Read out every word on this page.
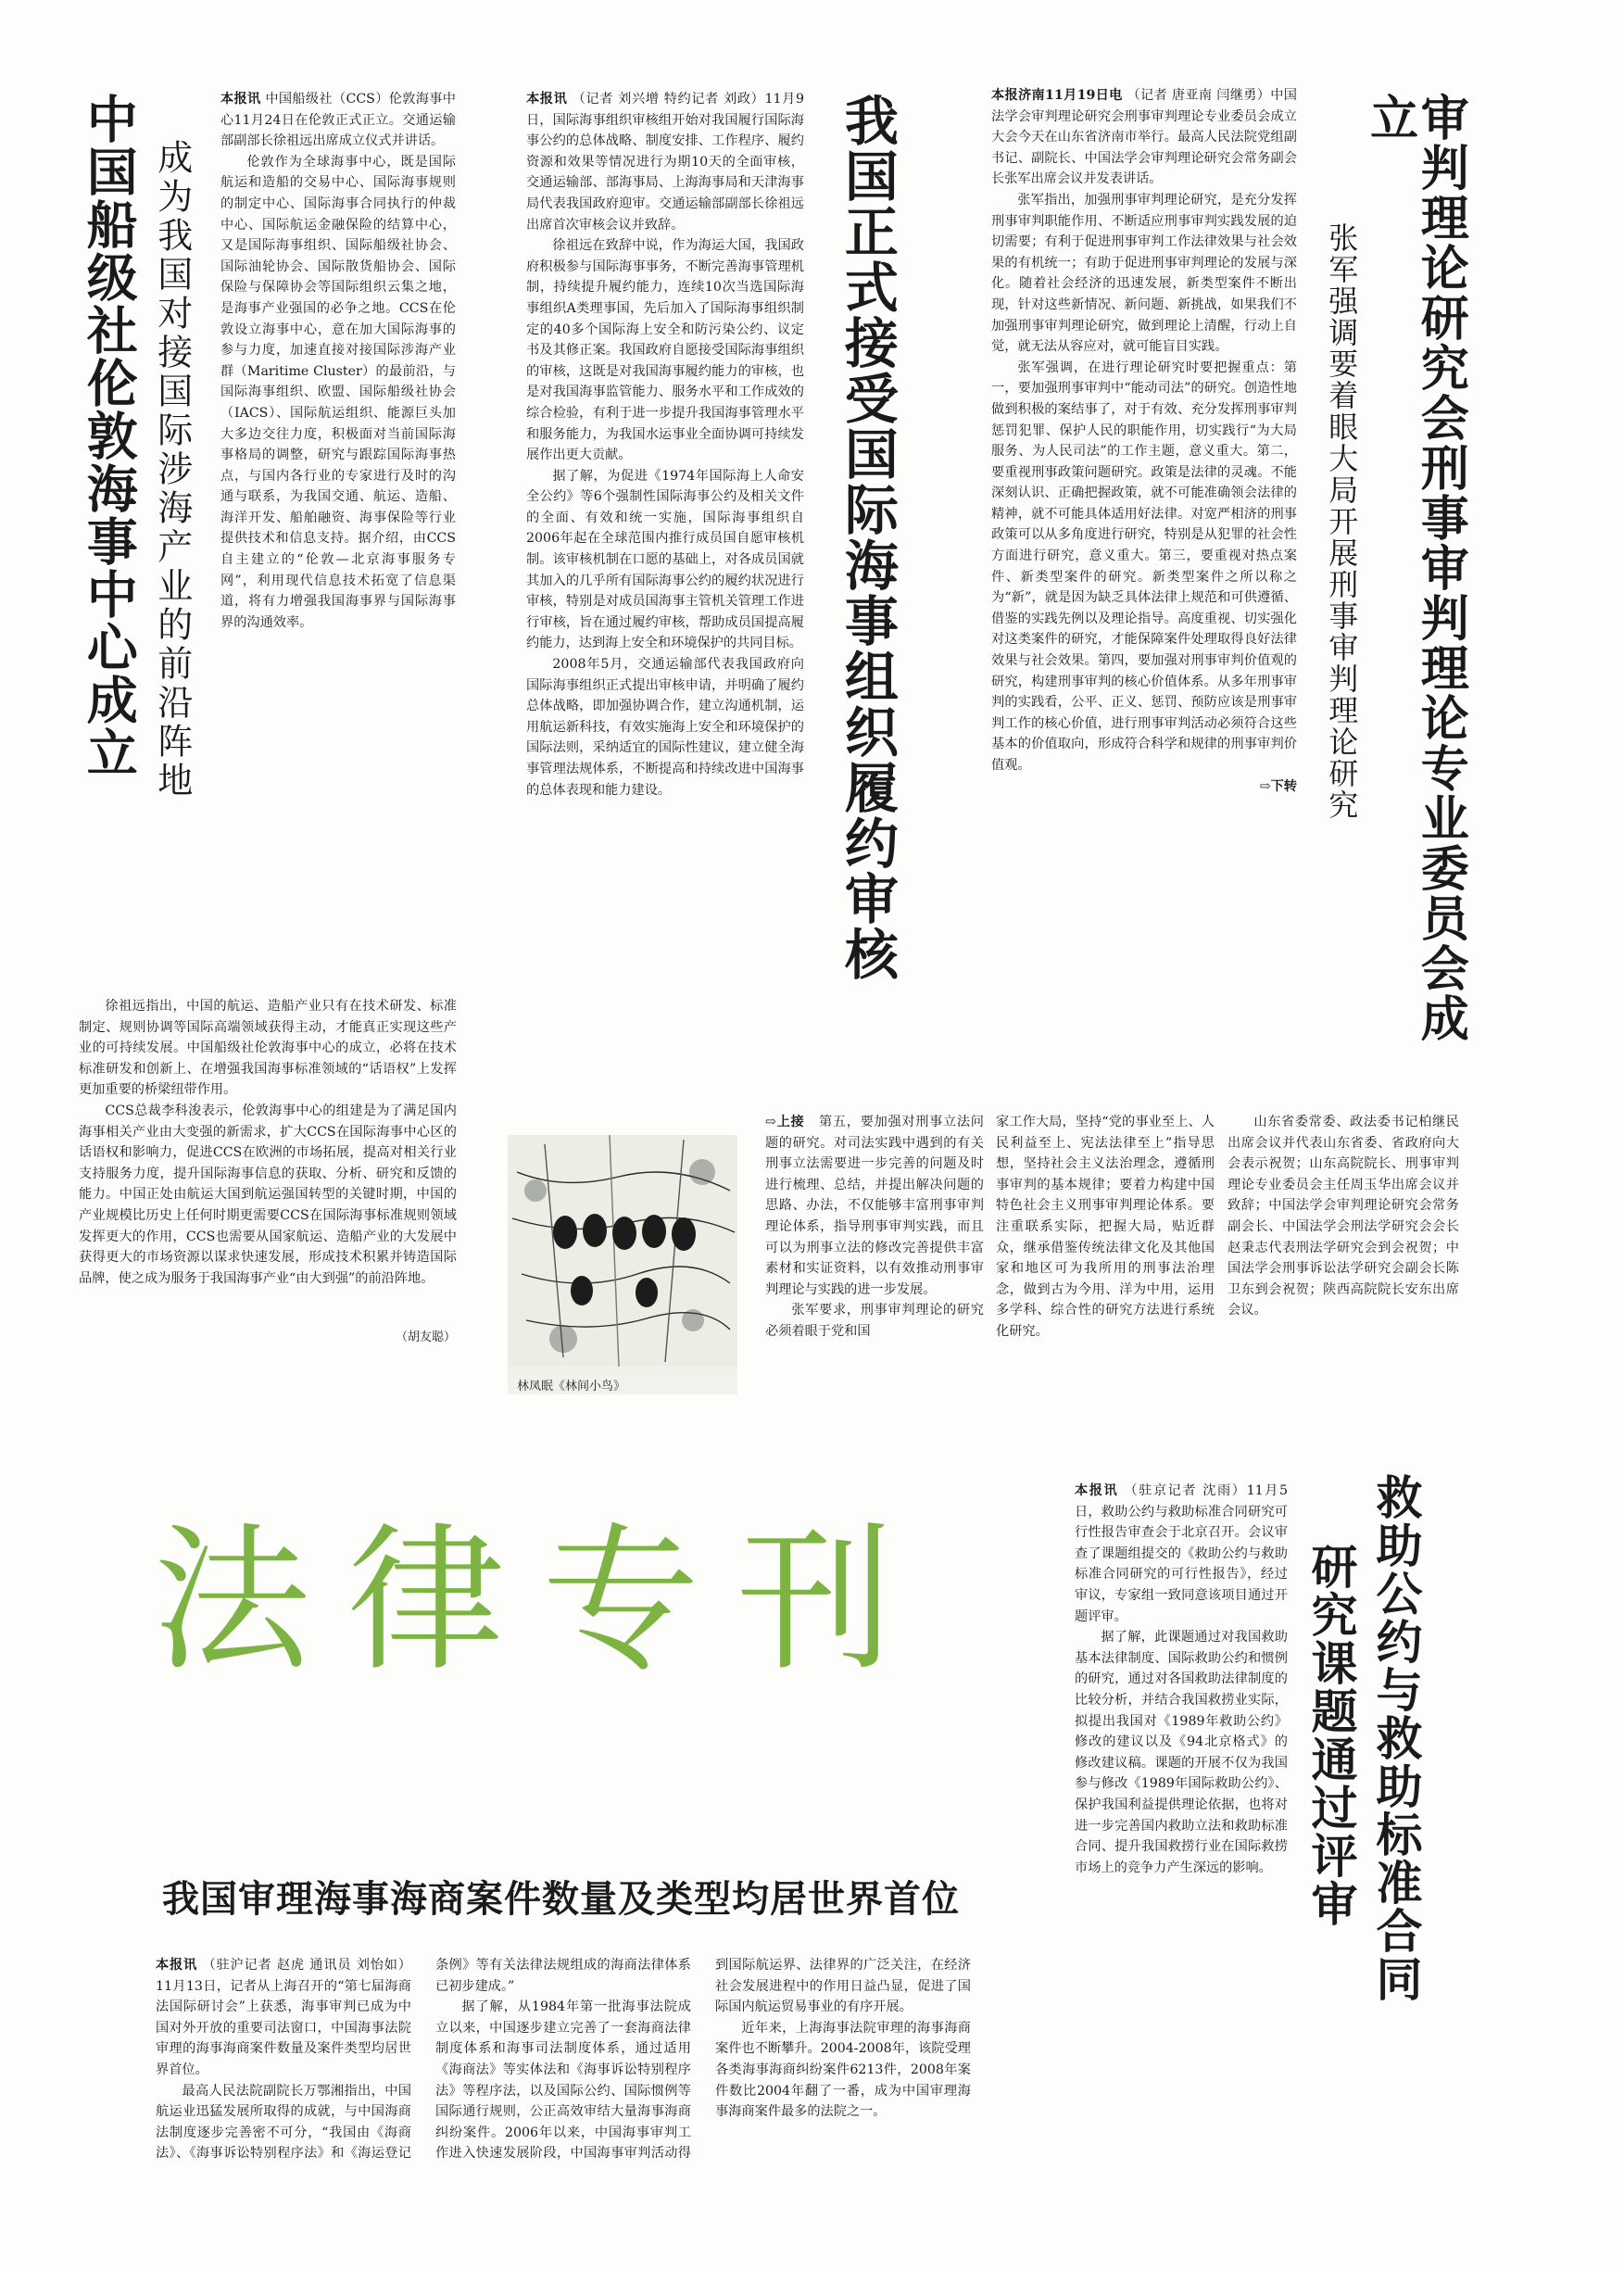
中国船级社伦敦海事中心成立 成为我国对接国际涉海产业的前沿阵地

本报讯 中国船级社（CCS）伦敦海事中心11月24日在伦敦正式正立。交通运输部副部长徐祖远出席成立仪式并讲话。

伦敦作为全球海事中心，既是国际航运和造船的交易中心、国际海事规则的制定中心、国际海事合同执行的仲裁中心、国际航运金融保险的结算中心，又是国际海事组织、国际船级社协会、国际油轮协会、国际散货船协会、国际保险与保障协会等国际组织云集之地，是海事产业强国的必争之地。CCS在伦敦设立海事中心，意在加大国际海事的参与力度，加速直接对接国际涉海产业群（Maritime Cluster）的最前沿，与国际海事组织、欧盟、国际船级社协会（IACS）、国际航运组织、能源巨头加大多边交往力度，积极面对当前国际海事格局的调整，研究与跟踪国际海事热点，与国内各行业的专家进行及时的沟通与联系，为我国交通、航运、造船、海洋开发、船舶融资、海事保险等行业提供技术和信息支持。据介绍，由CCS自主建立的“伦敦—北京海事服务专网”，利用现代信息技术拓宽了信息渠道，将有力增强我国海事界与国际海事界的沟通效率。

徐祖远指出，中国的航运、造船产业只有在技术研发、标准制定、规则协调等国际高端领域获得主动，才能真正实现这些产业的可持续发展。中国船级社伦敦海事中心的成立，必将在技术标准研发和创新上、在增强我国海事标准领域的“话语权”上发挥更加重要的桥梁纽带作用。

CCS总裁李科浚表示，伦敦海事中心的组建是为了满足国内海事相关产业由大变强的新需求，扩大CCS在国际海事中心区的话语权和影响力，促进CCS在欧洲的市场拓展，提高对相关行业支持服务力度，提升国际海事信息的获取、分析、研究和反馈的能力。中国正处由航运大国到航运强国转型的关键时期，中国的产业规模比历史上任何时期更需要CCS在国际海事标准规则领域发挥更大的作用，CCS也需要从国家航运、造船产业的大发展中获得更大的市场资源以谋求快速发展，形成技术积累并铸造国际品牌，使之成为服务于我国海事产业“由大到强”的前沿阵地。

（胡友聪）

本报讯 （记者 刘兴增 特约记者 刘政）11月9日，国际海事组织审核组开始对我国履行国际海事公约的总体战略、制度安排、工作程序、履约资源和效果等情况进行为期10天的全面审核，交通运输部、部海事局、上海海事局和天津海事局代表我国政府迎审。交通运输部副部长徐祖远出席首次审核会议并致辞。

徐祖远在致辞中说，作为海运大国，我国政府积极参与国际海事事务，不断完善海事管理机制，持续提升履约能力，连续10次当选国际海事组织A类理事国，先后加入了国际海事组织制定的40多个国际海上安全和防污染公约、议定书及其修正案。我国政府自愿接受国际海事组织的审核，这既是对我国海事履约能力的审核，也是对我国海事监管能力、服务水平和工作成效的综合检验，有利于进一步提升我国海事管理水平和服务能力，为我国水运事业全面协调可持续发展作出更大贡献。

据了解，为促进《1974年国际海上人命安全公约》等6个强制性国际海事公约及相关文件的全面、有效和统一实施，国际海事组织自2006年起在全球范围内推行成员国自愿审核机制。该审核机制在口愿的基础上，对各成员国就其加入的几乎所有国际海事公约的履约状况进行审核，特别是对成员国海事主管机关管理工作进行审核，旨在通过履约审核，帮助成员国提高履约能力，达到海上安全和环境保护的共同目标。

2008年5月，交通运输部代表我国政府向国际海事组织正式提出审核申请，并明确了履约总体战略，即加强协调合作，建立沟通机制，运用航运新科技，有效实施海上安全和环境保护的国际法则，采纳适宜的国际性建议，建立健全海事管理法规体系，不断提高和持续改进中国海事的总体表现和能力建设。	我国正式接受国际海事组织履约审核	本报济南11月19日电 （记者 唐亚南 闫继勇）中国法学会审判理论研究会刑事审判理论专业委员会成立大会今天在山东省济南市举行。最高人民法院党组副书记、副院长、中国法学会审判理论研究会常务副会长张军出席会议并发表讲话。

张军指出，加强刑事审判理论研究，是充分发挥刑事审判职能作用、不断适应刑事审判实践发展的迫切需要；有利于促进刑事审判工作法律效果与社会效果的有机统一；有助于促进刑事审判理论的发展与深化。随着社会经济的迅速发展，新类型案件不断出现，针对这些新情况、新问题、新挑战，如果我们不加强刑事审判理论研究，做到理论上清醒，行动上自觉，就无法从容应对，就可能盲目实践。

张军强调，在进行理论研究时要把握重点：第一，要加强刑事审判中“能动司法”的研究。创造性地做到积极的案结事了，对于有效、充分发挥刑事审判惩罚犯罪、保护人民的职能作用，切实践行“为大局服务、为人民司法”的工作主题，意义重大。第二，要重视刑事政策问题研究。政策是法律的灵魂。不能深刻认识、正确把握政策，就不可能准确领会法律的精神，就不可能具体适用好法律。对宽严相济的刑事政策可以从多角度进行研究，特别是从犯罪的社会性方面进行研究，意义重大。第三，要重视对热点案件、新类型案件的研究。新类型案件之所以称之为“新”，就是因为缺乏具体法律上规范和可供遵循、借鉴的实践先例以及理论指导。高度重视、切实强化对这类案件的研究，才能保障案件处理取得良好法律效果与社会效果。第四，要加强对刑事审判价值观的研究，构建刑事审判的核心价值体系。从多年刑事审判的实践看，公平、正义、惩罚、预防应该是刑事审判工作的核心价值，进行刑事审判活动必须符合这些基本的价值取向，形成符合科学和规律的刑事审判价值观。

⇨下转	审判理论研究会刑事审判理论专业委员会成立
张军强调要着眼大局开展刑事审判理论研究
林凤眠《林间小鸟》

⇨上接 第五，要加强对刑事立法问题的研究。对司法实践中遇到的有关刑事立法需要进一步完善的问题及时进行梳理、总结，并提出解决问题的思路、办法，不仅能够丰富刑事审判理论体系，指导刑事审判实践，而且可以为刑事立法的修改完善提供丰富素材和实证资料，以有效推动刑事审判理论与实践的进一步发展。

张军要求，刑事审判理论的研究必须着眼于党和国

家工作大局，坚持“党的事业至上、人民利益至上、宪法法律至上”指导思想，坚持社会主义法治理念，遵循刑事审判的基本规律；要着力构建中国特色社会主义刑事审判理论体系。要注重联系实际，把握大局，贴近群众，继承借鉴传统法律文化及其他国家和地区可为我所用的刑事法治理念，做到古为今用、洋为中用，运用多学科、综合性的研究方法进行系统化研究。

山东省委常委、政法委书记柏继民出席会议并代表山东省委、省政府向大会表示祝贺；山东高院院长、刑事审判理论专业委员会主任周玉华出席会议并致辞；中国法学会审判理论研究会常务副会长、中国法学会刑法学研究会会长赵秉志代表刑法学研究会到会祝贺；中国法学会刑事诉讼法学研究会副会长陈卫东到会祝贺；陕西高院院长安东出席会议。

法律专刊

本报讯 （驻京记者 沈雨）11月5日，救助公约与救助标准合同研究可行性报告审查会于北京召开。会议审查了课题组提交的《救助公约与救助标准合同研究的可行性报告》，经过审议，专家组一致同意该项目通过开题评审。

据了解，此课题通过对我国救助基本法律制度、国际救助公约和惯例的研究，通过对各国救助法律制度的比较分析，并结合我国救捞业实际，拟提出我国对《1989年救助公约》修改的建议以及《94北京格式》的修改建议稿。课题的开展不仅为我国参与修改《1989年国际救助公约》、保护我国利益提供理论依据，也将对进一步完善国内救助立法和救助标准合同、提升我国救捞行业在国际救捞市场上的竞争力产生深远的影响。	救助公约与救助标准合同
研究课题通过评审
我国审理海事海商案件数量及类型均居世界首位

本报讯 （驻沪记者 赵虎 通讯员 刘怡如）11月13日，记者从上海召开的“第七届海商法国际研讨会”上获悉，海事审判已成为中国对外开放的重要司法窗口，中国海事法院审理的海事海商案件数量及案件类型均居世界首位。

最高人民法院副院长万鄂湘指出，中国航运业迅猛发展所取得的成就，与中国海商法制度逐步完善密不可分，“我国由《海商法》、《海事诉讼特别程序法》和《海运登记条例》等有关法律法规组成的海商法律体系已初步建成。”

据了解，从1984年第一批海事法院成立以来，中国逐步建立完善了一套海商法律制度体系和海事司法制度体系，通过适用《海商法》等实体法和《海事诉讼特别程序法》等程序法，以及国际公约、国际惯例等国际通行规则，公正高效审结大量海事海商纠纷案件。2006年以来，中国海事审判工作进入快速发展阶段，中国海事审判活动得到国际航运界、法律界的广泛关注，在经济社会发展进程中的作用日益凸显，促进了国际国内航运贸易事业的有序开展。

近年来，上海海事法院审理的海事海商案件也不断攀升。2004-2008年，该院受理各类海事海商纠纷案件6213件，2008年案件数比2004年翻了一番，成为中国审理海事海商案件最多的法院之一。
